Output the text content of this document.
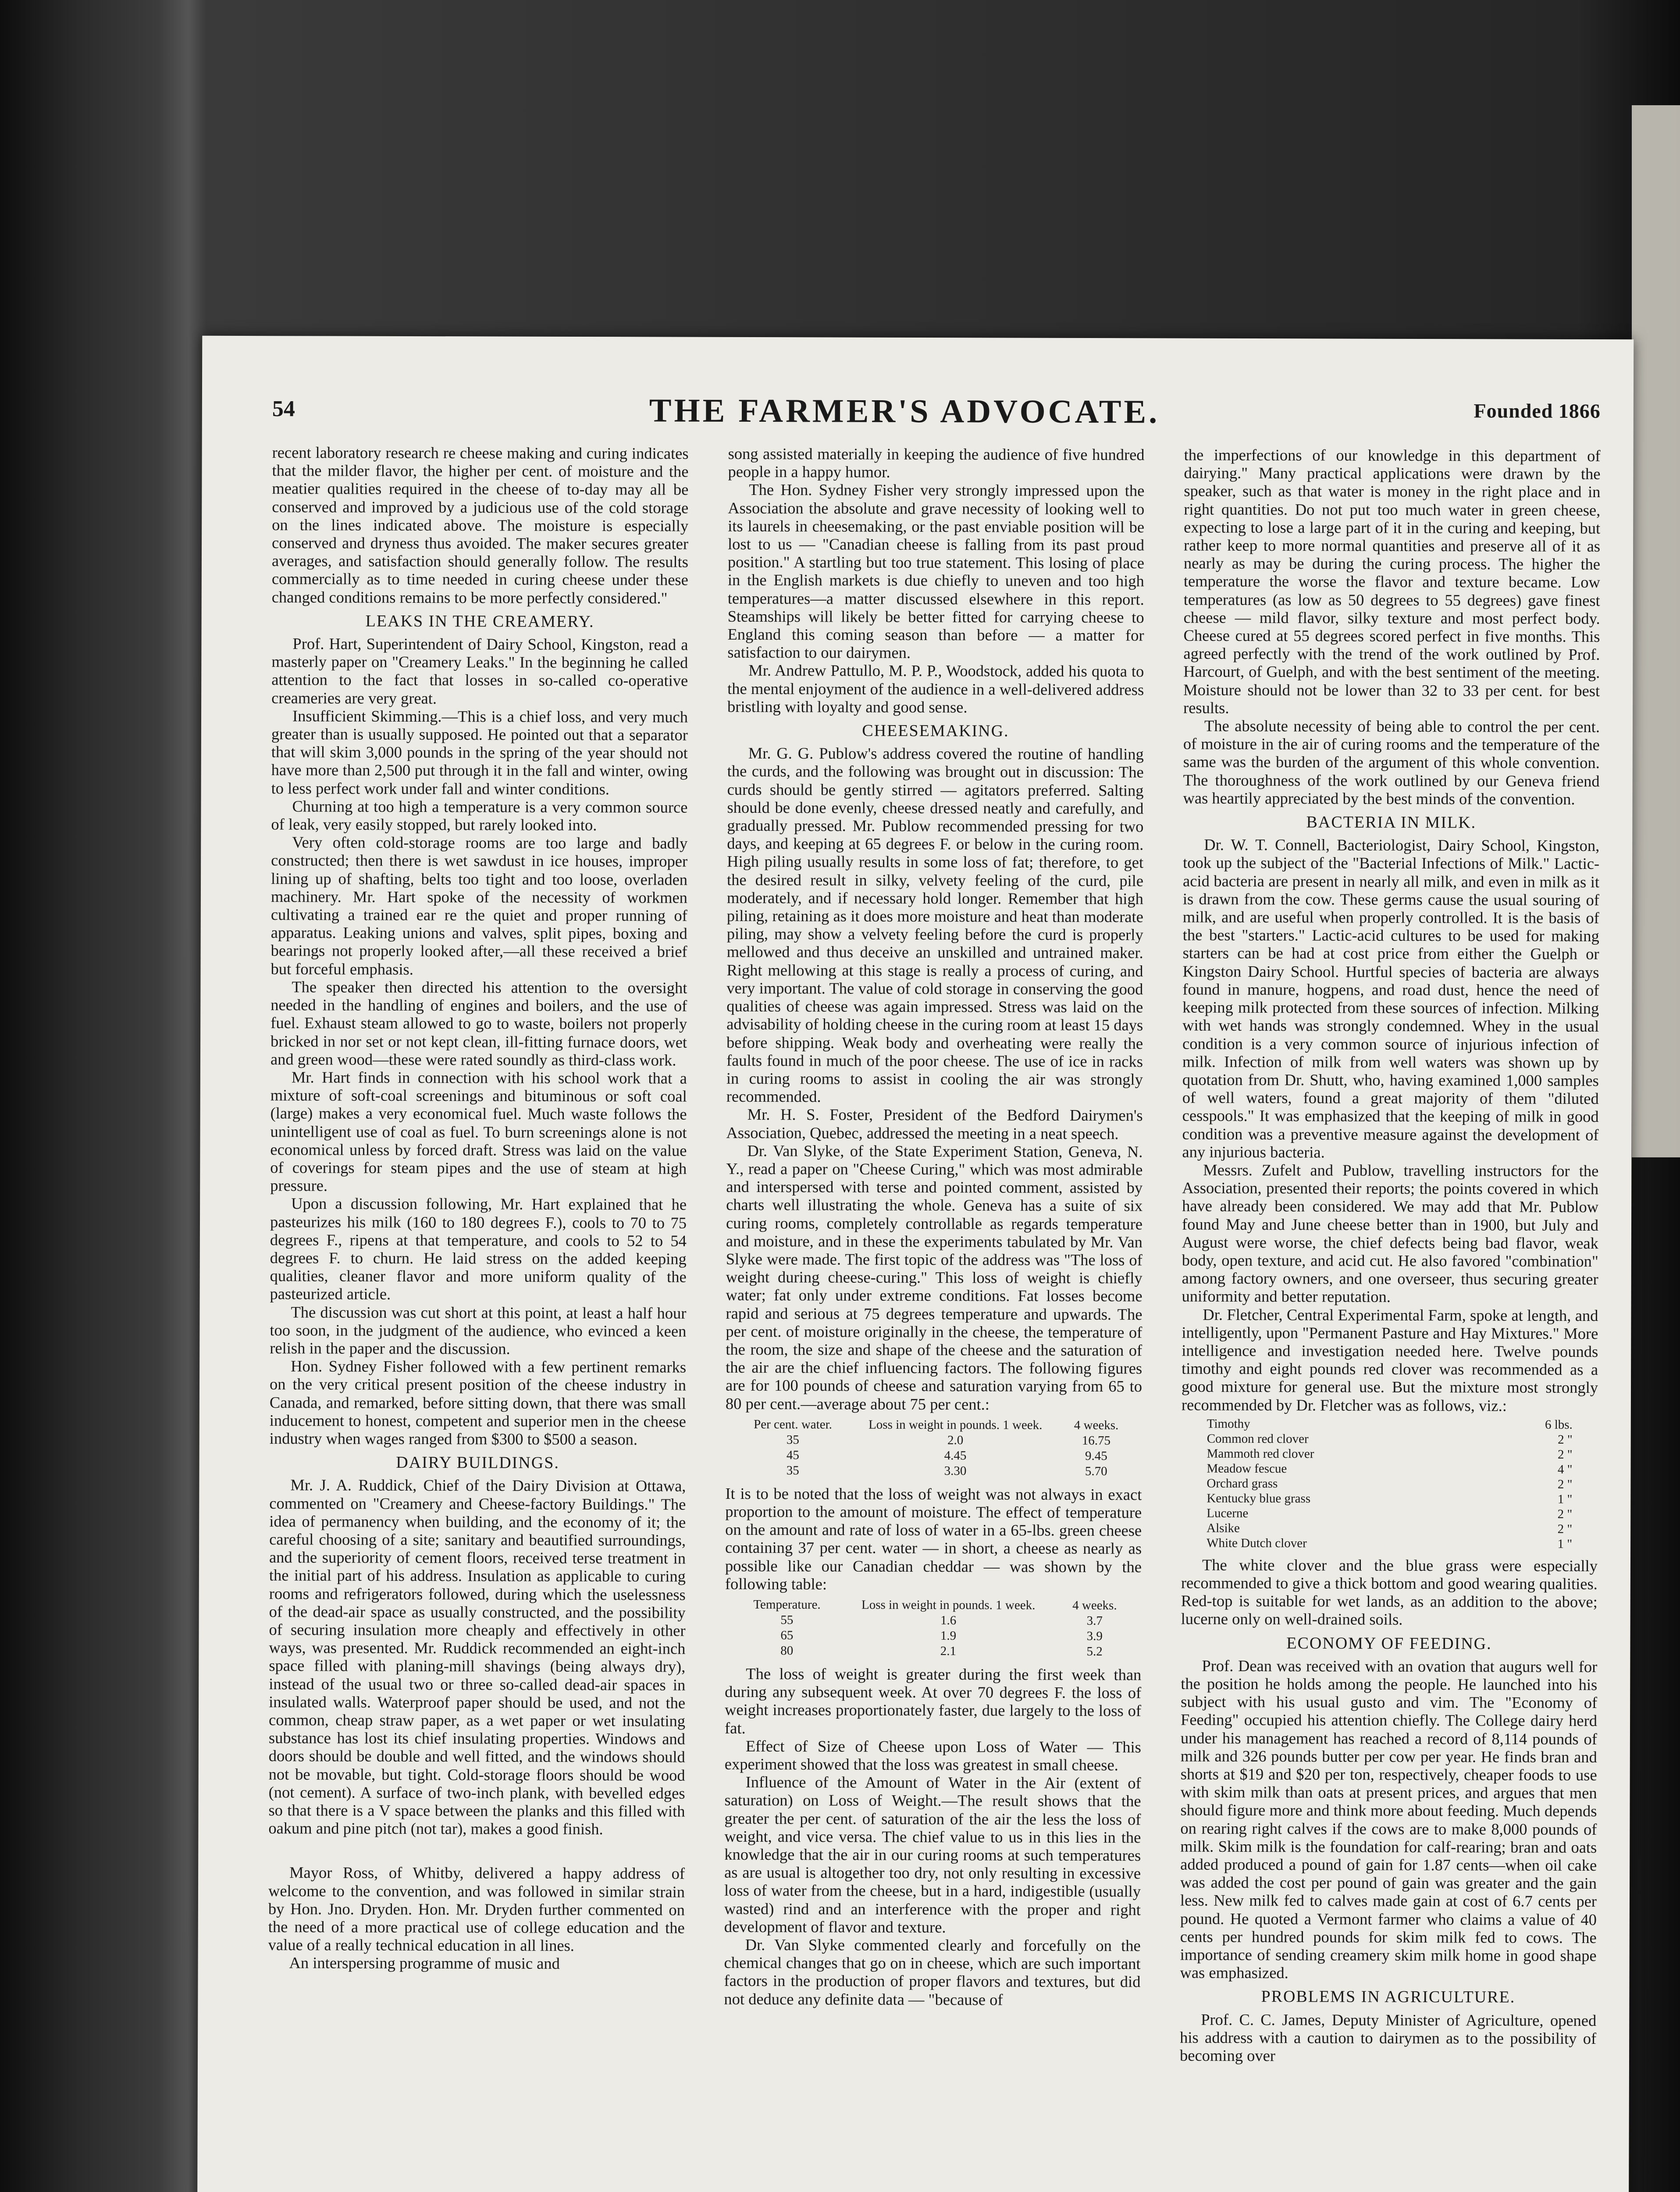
54	THE FARMER'S ADVOCATE.	Founded 1866

recent laboratory research re cheese making and curing indicates that the milder flavor, the higher per cent. of moisture and the meatier qualities required in the cheese of to-day may all be conserved and improved by a judicious use of the cold storage on the lines indicated above. The moisture is especially conserved and dryness thus avoided. The maker secures greater averages, and satisfaction should generally follow. The results commercially as to time needed in curing cheese under these changed conditions remains to be more perfectly considered."

LEAKS IN THE CREAMERY.

Prof. Hart, Superintendent of Dairy School, Kingston, read a masterly paper on "Creamery Leaks." In the beginning he called attention to the fact that losses in so-called co-operative creameries are very great.

Insufficient Skimming.—This is a chief loss, and very much greater than is usually supposed. He pointed out that a separator that will skim 3,000 pounds in the spring of the year should not have more than 2,500 put through it in the fall and winter, owing to less perfect work under fall and winter conditions.

Churning at too high a temperature is a very common source of leak, very easily stopped, but rarely looked into.

Very often cold-storage rooms are too large and badly constructed; then there is wet sawdust in ice houses, improper lining up of shafting, belts too tight and too loose, overladen machinery. Mr. Hart spoke of the necessity of workmen cultivating a trained ear re the quiet and proper running of apparatus. Leaking unions and valves, split pipes, boxing and bearings not properly looked after,—all these received a brief but forceful emphasis.

The speaker then directed his attention to the oversight needed in the handling of engines and boilers, and the use of fuel. Exhaust steam allowed to go to waste, boilers not properly bricked in nor set or not kept clean, ill-fitting furnace doors, wet and green wood—these were rated soundly as third-class work.

Mr. Hart finds in connection with his school work that a mixture of soft-coal screenings and bituminous or soft coal (large) makes a very economical fuel. Much waste follows the unintelligent use of coal as fuel. To burn screenings alone is not economical unless by forced draft. Stress was laid on the value of coverings for steam pipes and the use of steam at high pressure.

Upon a discussion following, Mr. Hart explained that he pasteurizes his milk (160 to 180 degrees F.), cools to 70 to 75 degrees F., ripens at that temperature, and cools to 52 to 54 degrees F. to churn. He laid stress on the added keeping qualities, cleaner flavor and more uniform quality of the pasteurized article.

The discussion was cut short at this point, at least a half hour too soon, in the judgment of the audience, who evinced a keen relish in the paper and the discussion.

Hon. Sydney Fisher followed with a few pertinent remarks on the very critical present position of the cheese industry in Canada, and remarked, before sitting down, that there was small inducement to honest, competent and superior men in the cheese industry when wages ranged from $300 to $500 a season.

DAIRY BUILDINGS.

Mr. J. A. Ruddick, Chief of the Dairy Division at Ottawa, commented on "Creamery and Cheese-factory Buildings." The idea of permanency when building, and the economy of it; the careful choosing of a site; sanitary and beautified surroundings, and the superiority of cement floors, received terse treatment in the initial part of his address. Insulation as applicable to curing rooms and refrigerators followed, during which the uselessness of the dead-air space as usually constructed, and the possibility of securing insulation more cheaply and effectively in other ways, was presented. Mr. Ruddick recommended an eight-inch space filled with planing-mill shavings (being always dry), instead of the usual two or three so-called dead-air spaces in insulated walls. Waterproof paper should be used, and not the common, cheap straw paper, as a wet paper or wet insulating substance has lost its chief insulating properties. Windows and doors should be double and well fitted, and the windows should not be movable, but tight. Cold-storage floors should be wood (not cement). A surface of two-inch plank, with bevelled edges so that there is a V space between the planks and this filled with oakum and pine pitch (not tar), makes a good finish.

Mayor Ross, of Whitby, delivered a happy address of welcome to the convention, and was followed in similar strain by Hon. Jno. Dryden. Hon. Mr. Dryden further commented on the need of a more practical use of college education and the value of a really technical education in all lines.

An interspersing programme of music and

song assisted materially in keeping the audience of five hundred people in a happy humor.

The Hon. Sydney Fisher very strongly impressed upon the Association the absolute and grave necessity of looking well to its laurels in cheesemaking, or the past enviable position will be lost to us — "Canadian cheese is falling from its past proud position." A startling but too true statement. This losing of place in the English markets is due chiefly to uneven and too high temperatures—a matter discussed elsewhere in this report. Steamships will likely be better fitted for carrying cheese to England this coming season than before — a matter for satisfaction to our dairymen.

Mr. Andrew Pattullo, M. P. P., Woodstock, added his quota to the mental enjoyment of the audience in a well-delivered address bristling with loyalty and good sense.

CHEESEMAKING.

Mr. G. G. Publow's address covered the routine of handling the curds, and the following was brought out in discussion: The curds should be gently stirred — agitators preferred. Salting should be done evenly, cheese dressed neatly and carefully, and gradually pressed. Mr. Publow recommended pressing for two days, and keeping at 65 degrees F. or below in the curing room. High piling usually results in some loss of fat; therefore, to get the desired result in silky, velvety feeling of the curd, pile moderately, and if necessary hold longer. Remember that high piling, retaining as it does more moisture and heat than moderate piling, may show a velvety feeling before the curd is properly mellowed and thus deceive an unskilled and untrained maker. Right mellowing at this stage is really a process of curing, and very important. The value of cold storage in conserving the good qualities of cheese was again impressed. Stress was laid on the advisability of holding cheese in the curing room at least 15 days before shipping. Weak body and overheating were really the faults found in much of the poor cheese. The use of ice in racks in curing rooms to assist in cooling the air was strongly recommended.

Mr. H. S. Foster, President of the Bedford Dairymen's Association, Quebec, addressed the meeting in a neat speech.

Dr. Van Slyke, of the State Experiment Station, Geneva, N. Y., read a paper on "Cheese Curing," which was most admirable and interspersed with terse and pointed comment, assisted by charts well illustrating the whole. Geneva has a suite of six curing rooms, completely controllable as regards temperature and moisture, and in these the experiments tabulated by Mr. Van Slyke were made. The first topic of the address was "The loss of weight during cheese-curing." This loss of weight is chiefly water; fat only under extreme conditions. Fat losses become rapid and serious at 75 degrees temperature and upwards. The per cent. of moisture originally in the cheese, the temperature of the room, the size and shape of the cheese and the saturation of the air are the chief influencing factors. The following figures are for 100 pounds of cheese and saturation varying from 65 to 80 per cent.—average about 75 per cent.:

Per cent. water.	Loss in weight in pounds. 1 week.	4 weeks.
35	2.0	16.75
45	4.45	9.45
35	3.30	5.70

It is to be noted that the loss of weight was not always in exact proportion to the amount of moisture. The effect of temperature on the amount and rate of loss of water in a 65-lbs. green cheese containing 37 per cent. water — in short, a cheese as nearly as possible like our Canadian cheddar — was shown by the following table:

Temperature.	Loss in weight in pounds. 1 week.	4 weeks.
55	1.6	3.7
65	1.9	3.9
80	2.1	5.2

The loss of weight is greater during the first week than during any subsequent week. At over 70 degrees F. the loss of weight increases proportionately faster, due largely to the loss of fat.

Effect of Size of Cheese upon Loss of Water — This experiment showed that the loss was greatest in small cheese.

Influence of the Amount of Water in the Air (extent of saturation) on Loss of Weight.—The result shows that the greater the per cent. of saturation of the air the less the loss of weight, and vice versa. The chief value to us in this lies in the knowledge that the air in our curing rooms at such temperatures as are usual is altogether too dry, not only resulting in excessive loss of water from the cheese, but in a hard, indigestible (usually wasted) rind and an interference with the proper and right development of flavor and texture.

Dr. Van Slyke commented clearly and forcefully on the chemical changes that go on in cheese, which are such important factors in the production of proper flavors and textures, but did not deduce any definite data — "because of

the imperfections of our knowledge in this department of dairying." Many practical applications were drawn by the speaker, such as that water is money in the right place and in right quantities. Do not put too much water in green cheese, expecting to lose a large part of it in the curing and keeping, but rather keep to more normal quantities and preserve all of it as nearly as may be during the curing process. The higher the temperature the worse the flavor and texture became. Low temperatures (as low as 50 degrees to 55 degrees) gave finest cheese — mild flavor, silky texture and most perfect body. Cheese cured at 55 degrees scored perfect in five months. This agreed perfectly with the trend of the work outlined by Prof. Harcourt, of Guelph, and with the best sentiment of the meeting. Moisture should not be lower than 32 to 33 per cent. for best results.

The absolute necessity of being able to control the per cent. of moisture in the air of curing rooms and the temperature of the same was the burden of the argument of this whole convention. The thoroughness of the work outlined by our Geneva friend was heartily appreciated by the best minds of the convention.

BACTERIA IN MILK.

Dr. W. T. Connell, Bacteriologist, Dairy School, Kingston, took up the subject of the "Bacterial Infections of Milk." Lactic-acid bacteria are present in nearly all milk, and even in milk as it is drawn from the cow. These germs cause the usual souring of milk, and are useful when properly controlled. It is the basis of the best "starters." Lactic-acid cultures to be used for making starters can be had at cost price from either the Guelph or Kingston Dairy School. Hurtful species of bacteria are always found in manure, hogpens, and road dust, hence the need of keeping milk protected from these sources of infection. Milking with wet hands was strongly condemned. Whey in the usual condition is a very common source of injurious infection of milk. Infection of milk from well waters was shown up by quotation from Dr. Shutt, who, having examined 1,000 samples of well waters, found a great majority of them "diluted cesspools." It was emphasized that the keeping of milk in good condition was a preventive measure against the development of any injurious bacteria.

Messrs. Zufelt and Publow, travelling instructors for the Association, presented their reports; the points covered in which have already been considered. We may add that Mr. Publow found May and June cheese better than in 1900, but July and August were worse, the chief defects being bad flavor, weak body, open texture, and acid cut. He also favored "combination" among factory owners, and one overseer, thus securing greater uniformity and better reputation.

Dr. Fletcher, Central Experimental Farm, spoke at length, and intelligently, upon "Permanent Pasture and Hay Mixtures." More intelligence and investigation needed here. Twelve pounds timothy and eight pounds red clover was recommended as a good mixture for general use. But the mixture most strongly recommended by Dr. Fletcher was as follows, viz.:

Timothy	6 lbs.
Common red clover	2 "
Mammoth red clover	2 "
Meadow fescue	4 "
Orchard grass	2 "
Kentucky blue grass	1 "
Lucerne	2 "
Alsike	2 "
White Dutch clover	1 "

The white clover and the blue grass were especially recommended to give a thick bottom and good wearing qualities. Red-top is suitable for wet lands, as an addition to the above; lucerne only on well-drained soils.

ECONOMY OF FEEDING.

Prof. Dean was received with an ovation that augurs well for the position he holds among the people. He launched into his subject with his usual gusto and vim. The "Economy of Feeding" occupied his attention chiefly. The College dairy herd under his management has reached a record of 8,114 pounds of milk and 326 pounds butter per cow per year. He finds bran and shorts at $19 and $20 per ton, respectively, cheaper foods to use with skim milk than oats at present prices, and argues that men should figure more and think more about feeding. Much depends on rearing right calves if the cows are to make 8,000 pounds of milk. Skim milk is the foundation for calf-rearing; bran and oats added produced a pound of gain for 1.87 cents—when oil cake was added the cost per pound of gain was greater and the gain less. New milk fed to calves made gain at cost of 6.7 cents per pound. He quoted a Vermont farmer who claims a value of 40 cents per hundred pounds for skim milk fed to cows. The importance of sending creamery skim milk home in good shape was emphasized.

PROBLEMS IN AGRICULTURE.

Prof. C. C. James, Deputy Minister of Agriculture, opened his address with a caution to dairymen as to the possibility of becoming over
